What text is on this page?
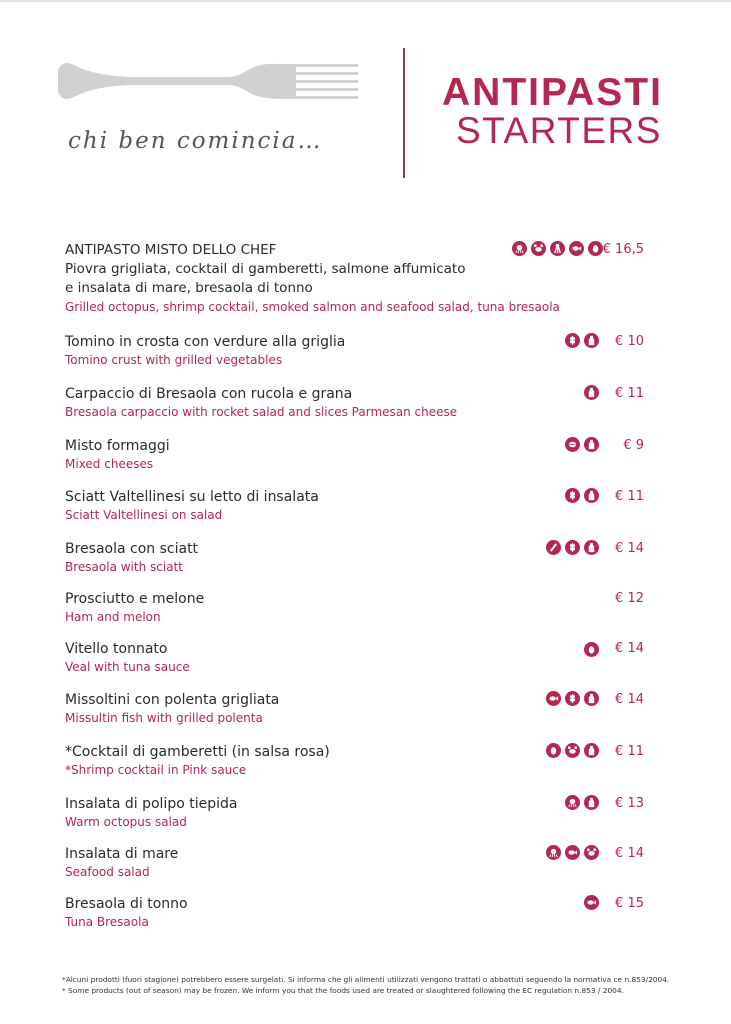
chi ben comincia…
ANTIPASTI
STARTERS
ANTIPASTO MISTO DELLO CHEF
Piovra grigliata, cocktail di gamberetti, salmone affumicato
e insalata di mare, bresaola di tonno
Grilled octopus, shrimp cocktail, smoked salmon and seafood salad, tuna bresaola
€ 16,5
Tomino in crosta con verdure alla griglia
Tomino crust with grilled vegetables
€ 10
Carpaccio di Bresaola con rucola e grana
Bresaola carpaccio with rocket salad and slices Parmesan cheese
€ 11
Misto formaggi
Mixed cheeses
€ 9
Sciatt Valtellinesi su letto di insalata
Sciatt Valtellinesi on salad
€ 11
Bresaola con sciatt
Bresaola with sciatt
€ 14
Prosciutto e melone
Ham and melon
€ 12
Vitello tonnato
Veal with tuna sauce
€ 14
Missoltini con polenta grigliata
Missultin fish with grilled polenta
€ 14
*Cocktail di gamberetti (in salsa rosa)
*Shrimp cocktail in Pink sauce
€ 11
Insalata di polipo tiepida
Warm octopus salad
€ 13
Insalata di mare
Seafood salad
€ 14
Bresaola di tonno
Tuna Bresaola
€ 15
*Alcuni prodotti (fuori stagione) potrebbero essere surgelati. Si informa che gli alimenti utilizzati vengono trattati o abbattuti seguendo la normativa ce n.853/2004.
* Some products (out of season) may be frozen. We inform you that the foods used are treated or slaughtered following the EC regulation n.853 / 2004.
